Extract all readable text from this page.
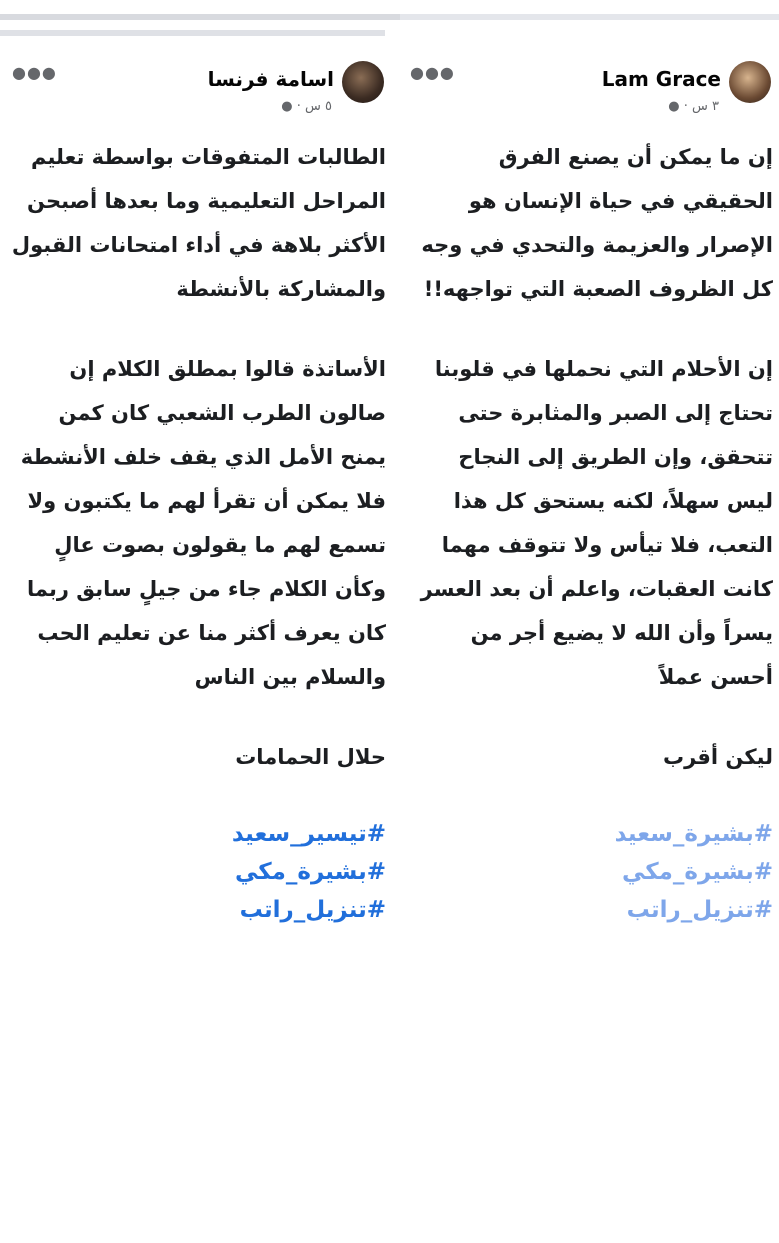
اسامة فرنسا
٥ س · ●
●●●

الطالبات المتفوقات بواسطة تعليم المراحل التعليمية وما بعدها أصبحن الأكثر بلاهة في أداء امتحانات القبول والمشاركة بالأنشطة

الأساتذة قالوا بمطلق الكلام إن صالون الطرب الشعبي كان كمن يمنح الأمل الذي يقف خلف الأنشطة فلا يمكن أن تقرأ لهم ما يكتبون ولا تسمع لهم ما يقولون بصوت عالٍ وكأن الكلام جاء من جيلٍ سابق ربما كان يعرف أكثر منا عن تعليم الحب والسلام بين الناس

حلال الحمامات

#تيسير_سعيد
#بشيرة_مكي
#تنزيل_راتب
Lam Grace
٣ س · ●
●●●

إن ما يمكن أن يصنع الفرق الحقيقي في حياة الإنسان هو الإصرار والعزيمة والتحدي في وجه كل الظروف الصعبة التي تواجهه!!

إن الأحلام التي نحملها في قلوبنا تحتاج إلى الصبر والمثابرة حتى تتحقق، وإن الطريق إلى النجاح ليس سهلاً، لكنه يستحق كل هذا التعب، فلا تيأس ولا تتوقف مهما كانت العقبات، واعلم أن بعد العسر يسراً وأن الله لا يضيع أجر من أحسن عملاً

ليكن أقرب

#بشيرة_سعيد
#بشيرة_مكي
#تنزيل_راتب
